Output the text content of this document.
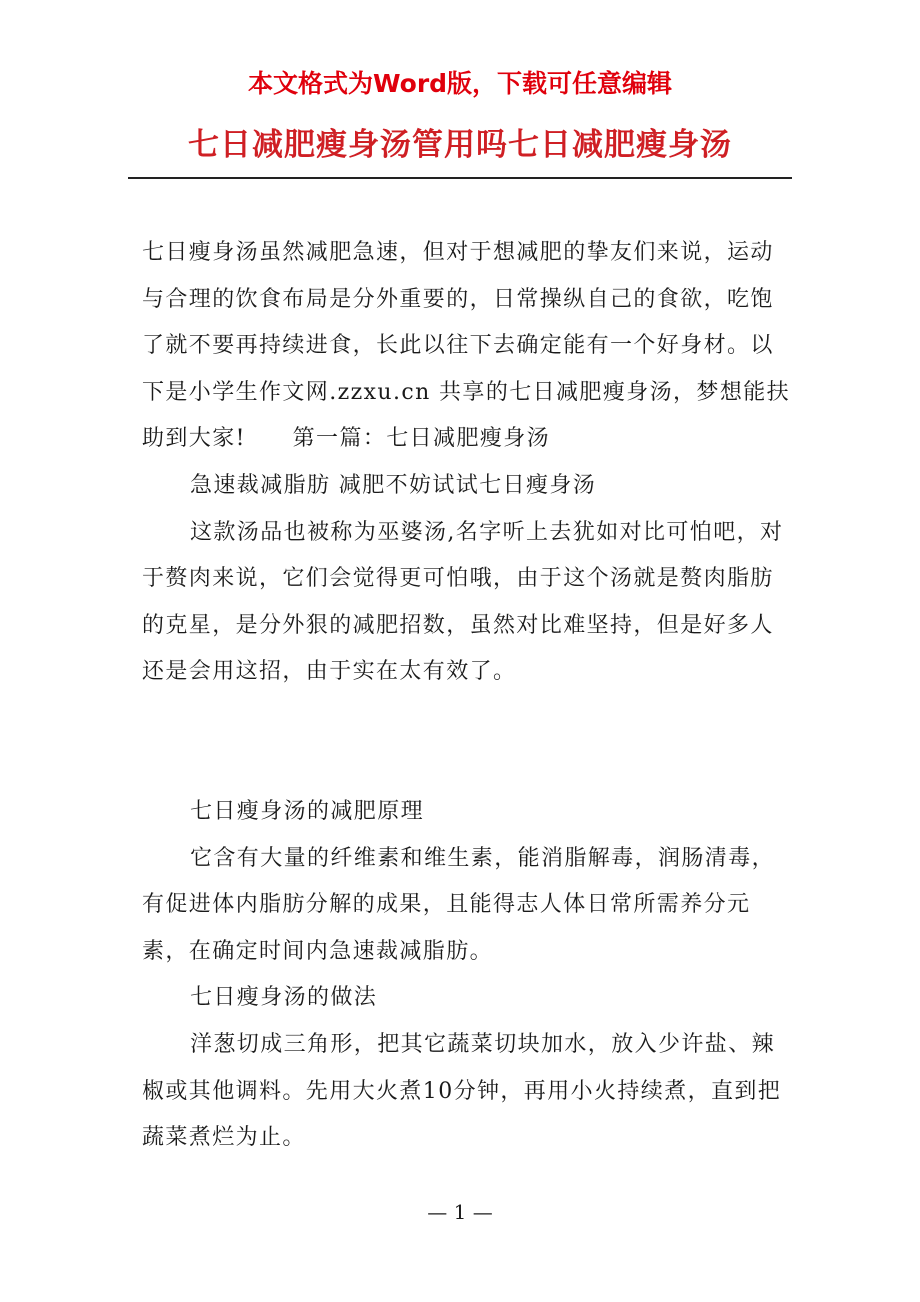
本文格式为Word版，下载可任意编辑
七日减肥瘦身汤管用吗七日减肥瘦身汤

七日瘦身汤虽然减肥急速，但对于想减肥的挚友们来说，运动与合理的饮食布局是分外重要的，日常操纵自己的食欲，吃饱了就不要再持续进食，长此以往下去确定能有一个好身材。以下是小学生作文网.zzxu.cn 共享的七日减肥瘦身汤，梦想能扶助到大家!　　第一篇：七日减肥瘦身汤

急速裁减脂肪 减肥不妨试试七日瘦身汤

这款汤品也被称为巫婆汤,名字听上去犹如对比可怕吧，对于赘肉来说，它们会觉得更可怕哦，由于这个汤就是赘肉脂肪的克星，是分外狠的减肥招数，虽然对比难坚持，但是好多人还是会用这招，由于实在太有效了。

七日瘦身汤的减肥原理

它含有大量的纤维素和维生素，能消脂解毒，润肠清毒，有促进体内脂肪分解的成果，且能得志人体日常所需养分元素，在确定时间内急速裁减脂肪。

七日瘦身汤的做法

洋葱切成三角形，把其它蔬菜切块加水，放入少许盐、辣椒或其他调料。先用大火煮10分钟，再用小火持续煮，直到把蔬菜煮烂为止。

— 1 —
